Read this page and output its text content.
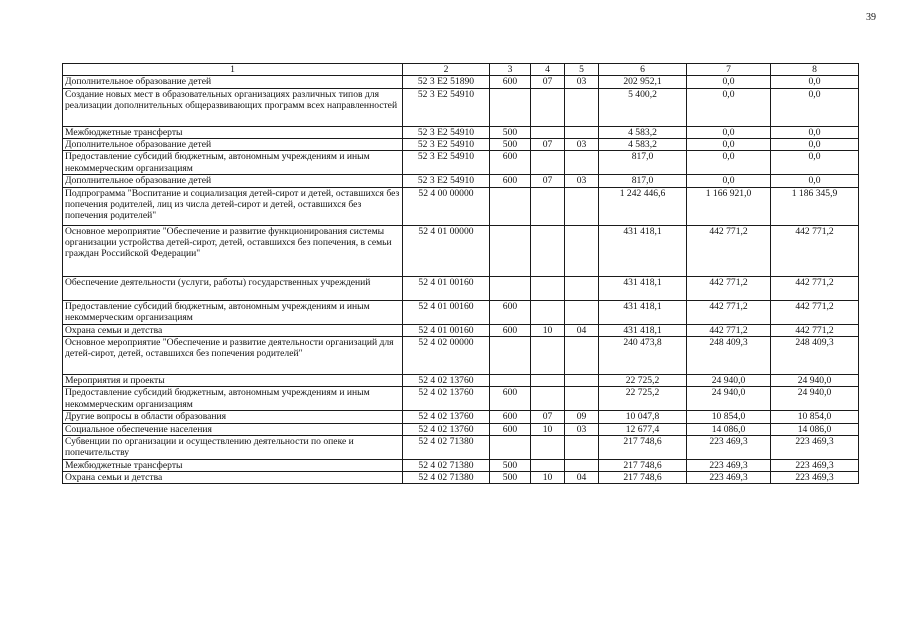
39
1	2	3	4	5	6	7	8
Дополнительное образование детей	52 3 E2 51890	600	07	03	202 952,1	0,0	0,0
Создание новых мест в образовательных организациях различных типов для реализации дополнительных общеразвивающих программ всех направленностей	52 3 E2 54910				5 400,2	0,0	0,0
Межбюджетные трансферты	52 3 E2 54910	500			4 583,2	0,0	0,0
Дополнительное образование детей	52 3 E2 54910	500	07	03	4 583,2	0,0	0,0
Предоставление субсидий бюджетным, автономным учреждениям и иным некоммерческим организациям	52 3 E2 54910	600			817,0	0,0	0,0
Дополнительное образование детей	52 3 E2 54910	600	07	03	817,0	0,0	0,0
Подпрограмма "Воспитание и социализация детей-сирот и детей, оставшихся без попечения родителей, лиц из числа детей-сирот и детей, оставшихся без попечения родителей"	52 4 00 00000				1 242 446,6	1 166 921,0	1 186 345,9
Основное мероприятие "Обеспечение и развитие функционирования системы организации устройства детей-сирот, детей, оставшихся без попечения, в семьи граждан Российской Федерации"	52 4 01 00000				431 418,1	442 771,2	442 771,2
Обеспечение деятельности (услуги, работы) государственных учреждений	52 4 01 00160				431 418,1	442 771,2	442 771,2
Предоставление субсидий бюджетным, автономным учреждениям и иным некоммерческим организациям	52 4 01 00160	600			431 418,1	442 771,2	442 771,2
Охрана семьи и детства	52 4 01 00160	600	10	04	431 418,1	442 771,2	442 771,2
Основное мероприятие "Обеспечение и развитие деятельности организаций для детей-сирот, детей, оставшихся без попечения родителей"	52 4 02 00000				240 473,8	248 409,3	248 409,3
Мероприятия и проекты	52 4 02 13760				22 725,2	24 940,0	24 940,0
Предоставление субсидий бюджетным, автономным учреждениям и иным некоммерческим организациям	52 4 02 13760	600			22 725,2	24 940,0	24 940,0
Другие вопросы в области образования	52 4 02 13760	600	07	09	10 047,8	10 854,0	10 854,0
Социальное обеспечение населения	52 4 02 13760	600	10	03	12 677,4	14 086,0	14 086,0
Субвенции по организации и осуществлению деятельности по опеке и попечительству	52 4 02 71380				217 748,6	223 469,3	223 469,3
Межбюджетные трансферты	52 4 02 71380	500			217 748,6	223 469,3	223 469,3
Охрана семьи и детства	52 4 02 71380	500	10	04	217 748,6	223 469,3	223 469,3
